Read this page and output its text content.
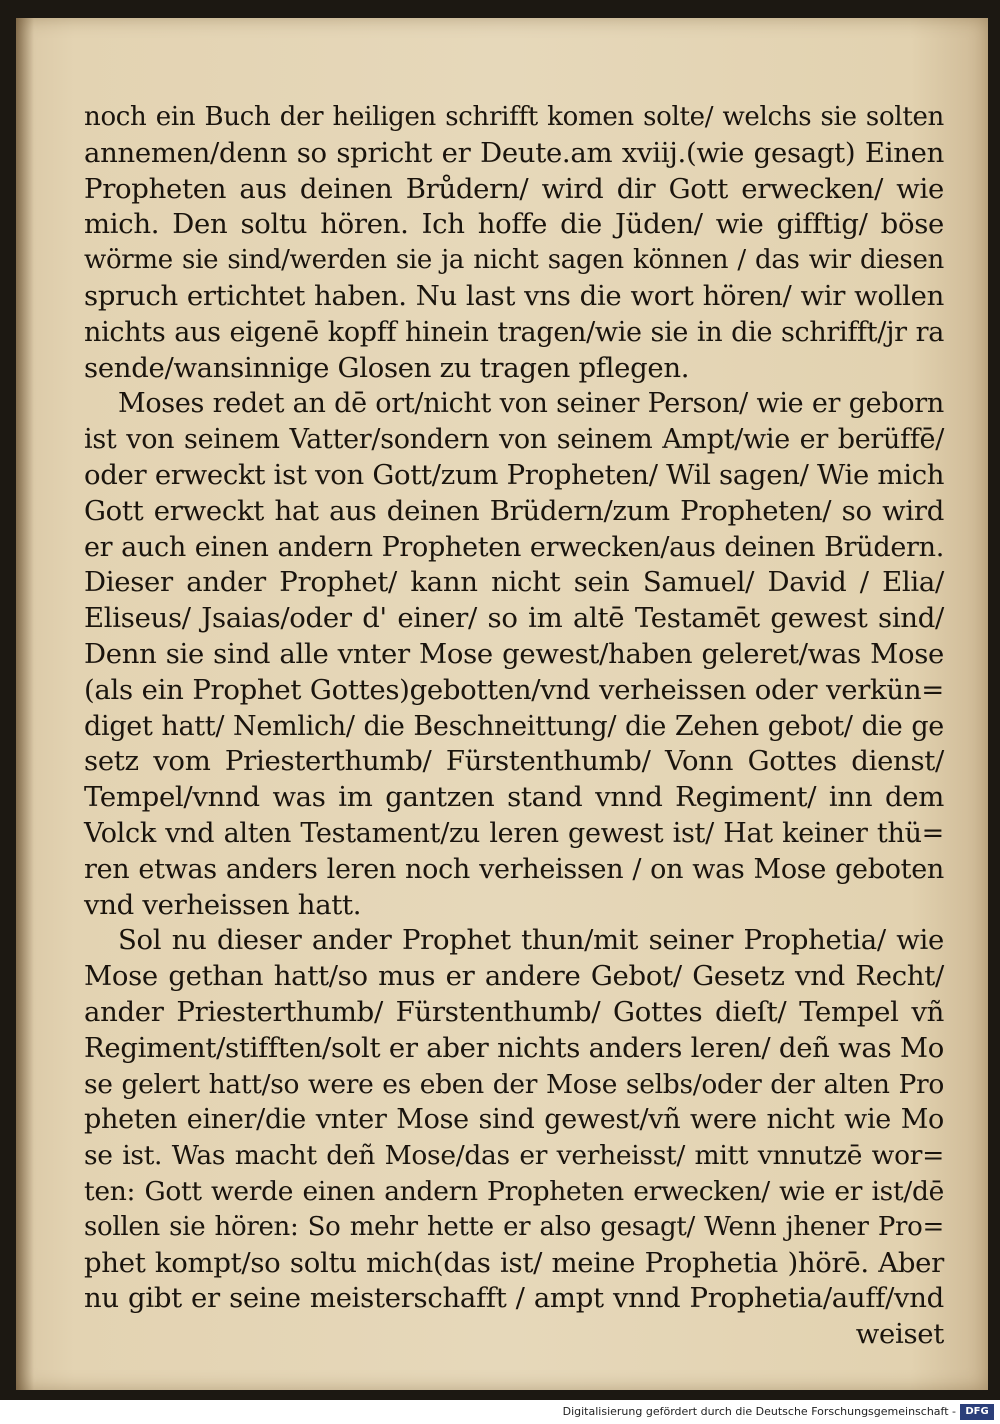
noch ein Buch der heiligen schrifft komen solte/ welchs sie solten
annemen/denn so spricht er Deute.am xviij.(wie gesagt) Einen
Propheten aus deinen Brůdern/ wird dir Gott erwecken/ wie
mich. Den soltu hören. Ich hoffe die Jüden/ wie gifftig/ böse
wörme sie sind/werden sie ja nicht sagen können / das wir diesen
spruch ertichtet haben. Nu last vns die wort hören/ wir wollen
nichts aus eigenē kopff hinein tragen/wie sie in die schrifft/jr ra
sende/wansinnige Glosen zu tragen pflegen.
Moses redet an dē ort/nicht von seiner Person/ wie er geborn
ist von seinem Vatter/sondern von seinem Ampt/wie er berüffē/
oder erweckt ist von Gott/zum Propheten/ Wil sagen/ Wie mich
Gott erweckt hat aus deinen Brüdern/zum Propheten/ so wird
er auch einen andern Propheten erwecken/aus deinen Brüdern.
Dieser ander Prophet/ kann nicht sein Samuel/ David / Elia/
Eliseus/ Jsaias/oder d' einer/ so im altē Testamēt gewest sind/
Denn sie sind alle vnter Mose gewest/haben geleret/was Mose
(als ein Prophet Gottes)gebotten/vnd verheissen oder verkün=
diget hatt/ Nemlich/ die Beschneittung/ die Zehen gebot/ die ge
setz vom Priesterthumb/ Fürstenthumb/ Vonn Gottes dienst/
Tempel/vnnd was im gantzen stand vnnd Regiment/ inn dem
Volck vnd alten Testament/zu leren gewest ist/ Hat keiner thü=
ren etwas anders leren noch verheissen / on was Mose geboten
vnd verheissen hatt.
Sol nu dieser ander Prophet thun/mit seiner Prophetia/ wie
Mose gethan hatt/so mus er andere Gebot/ Gesetz vnd Recht/
ander Priesterthumb/ Fürstenthumb/ Gottes dieſt/ Tempel vñ
Regiment/stifften/solt er aber nichts anders leren/ deñ was Mo
se gelert hatt/so were es eben der Mose selbs/oder der alten Pro
pheten einer/die vnter Mose sind gewest/vñ were nicht wie Mo
se ist. Was macht deñ Mose/das er verheisst/ mitt vnnutzē wor=
ten: Gott werde einen andern Propheten erwecken/ wie er ist/dē
sollen sie hören: So mehr hette er also gesagt/ Wenn jhener Pro=
phet kompt/so soltu mich(das ist/ meine Prophetia )hörē. Aber
nu gibt er seine meisterschafft / ampt vnnd Prophetia/auff/vnd
weiset
Digitalisierung gefördert durch die Deutsche Forschungsgemeinschaft - DFG
